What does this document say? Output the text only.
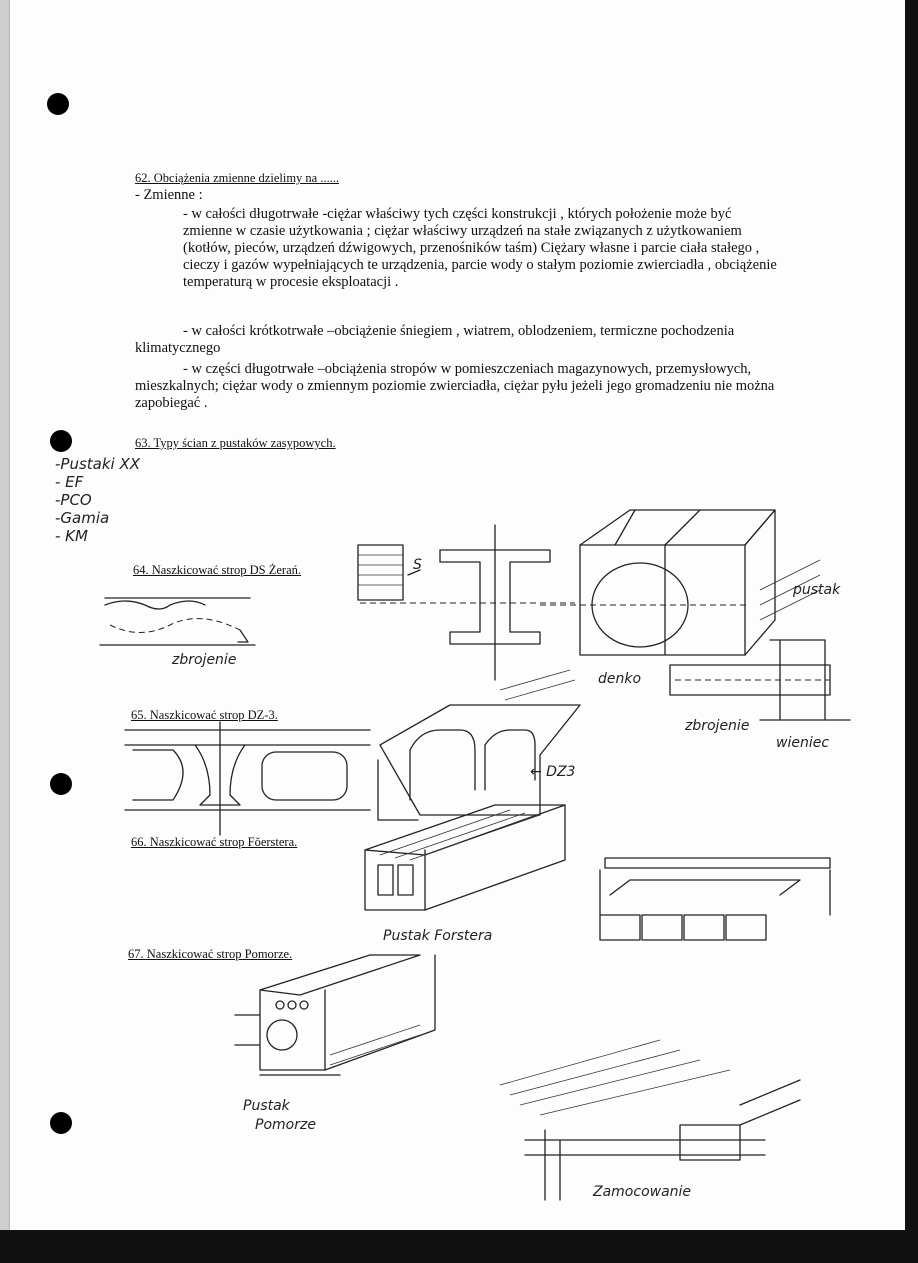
62. Obciążenia zmienne dzielimy na ......
- Zmienne :
- w całości długotrwałe -ciężar właściwy tych części konstrukcji , których położenie może być zmienne w czasie użytkowania ; ciężar właściwy urządzeń na stałe związanych z użytkowaniem (kotłów, pieców, urządzeń dźwigowych, przenośników taśm) Ciężary własne i parcie ciała stałego , cieczy i gazów wypełniających te urządzenia, parcie wody o stałym poziomie zwierciadła , obciążenie temperaturą w procesie eksploatacji .
- w całości krótkotrwałe –obciążenie śniegiem , wiatrem, oblodzeniem, termiczne pochodzenia klimatycznego
- w części długotrwałe –obciążenia stropów w pomieszczeniach magazynowych, przemysłowych, mieszkalnych; ciężar wody o zmiennym poziomie zwierciadła, ciężar pyłu jeżeli jego gromadzeniu nie można zapobiegać .
63. Typy ścian z pustaków zasypowych.
-Pustaki XX
- EF
-PCO
-Gamia
- KM
64. Naszkicować strop DS Żerań.
65. Naszkicować strop DZ-3.
66. Naszkicować strop Fǒerstera.
67. Naszkicować strop Pomorze.
zbrojenie
S
pustak
denko
zbrojenie
wieniec
← DZ3
Pustak Forstera
Pustak
Pomorze
Zamocowanie
